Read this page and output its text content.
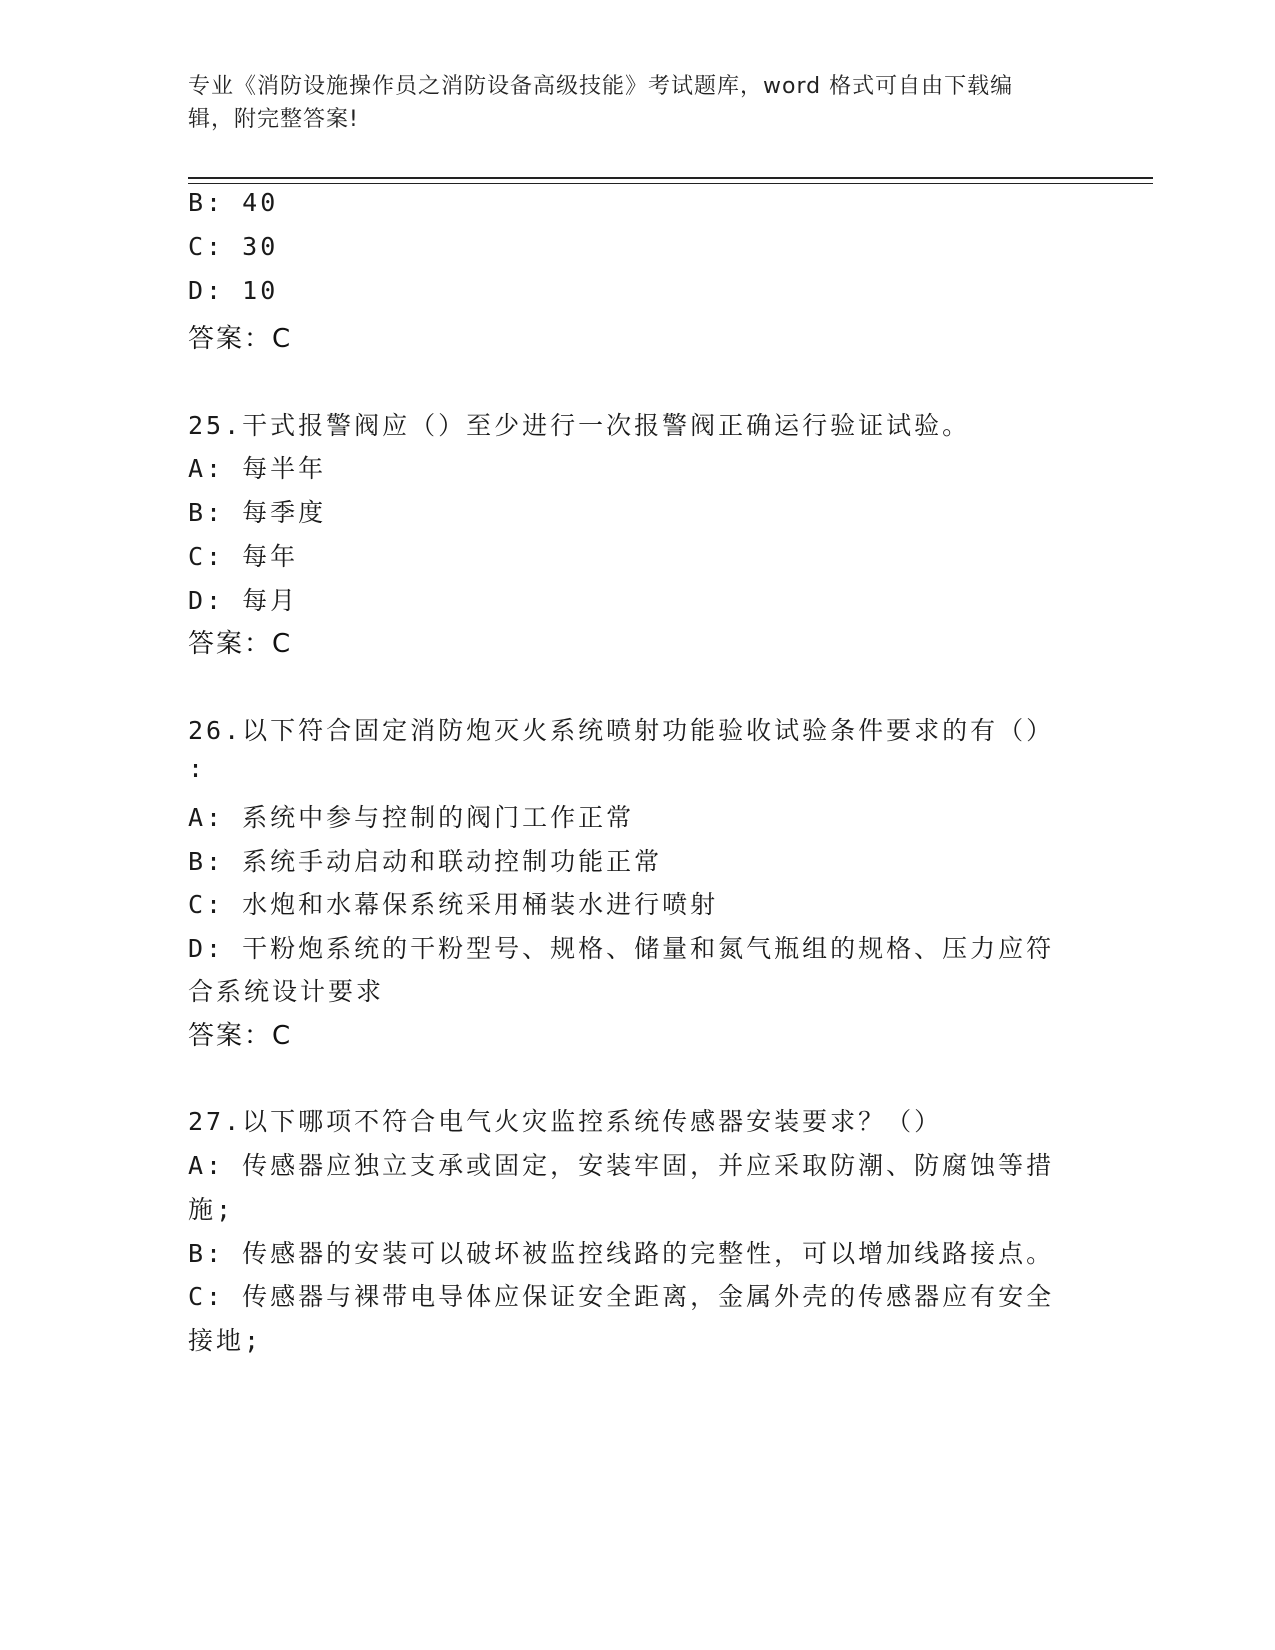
专业《消防设施操作员之消防设备高级技能》考试题库，word 格式可自由下载编
辑，附完整答案!
B: 40
C: 30
D: 10
答案：C
25.干式报警阀应（）至少进行一次报警阀正确运行验证试验。
A: 每半年
B: 每季度
C: 每年
D: 每月
答案：C
26.以下符合固定消防炮灭火系统喷射功能验收试验条件要求的有（）
:
A: 系统中参与控制的阀门工作正常
B: 系统手动启动和联动控制功能正常
C: 水炮和水幕保系统采用桶装水进行喷射
D: 干粉炮系统的干粉型号、规格、储量和氮气瓶组的规格、压力应符
合系统设计要求
答案：C
27.以下哪项不符合电气火灾监控系统传感器安装要求？（）
A: 传感器应独立支承或固定，安装牢固，并应采取防潮、防腐蚀等措
施;
B: 传感器的安装可以破坏被监控线路的完整性，可以增加线路接点。
C: 传感器与裸带电导体应保证安全距离，金属外壳的传感器应有安全
接地;
